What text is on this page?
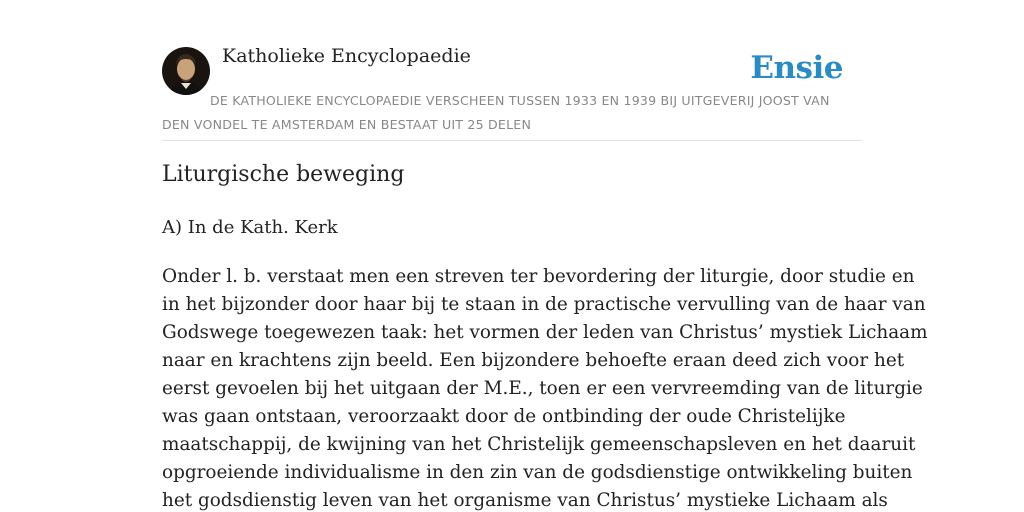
Katholieke Encyclopaedie	Ensie
DE KATHOLIEKE ENCYCLOPAEDIE VERSCHEEN TUSSEN 1933 EN 1939 BIJ UITGEVERIJ JOOST VAN DEN VONDEL TE AMSTERDAM EN BESTAAT UIT 25 DELEN
Liturgische beweging

A) In de Kath. Kerk

Onder l. b. verstaat men een streven ter bevordering der liturgie, door studie en
in het bijzonder door haar bij te staan in de practische vervulling van de haar van
Godswege toegewezen taak: het vormen der leden van Christus’ mystiek Lichaam
naar en krachtens zijn beeld. Een bijzondere behoefte eraan deed zich voor het
eerst gevoelen bij het uitgaan der M.E., toen er een vervreemding van de liturgie
was gaan ontstaan, veroorzaakt door de ontbinding der oude Christelijke
maatschappij, de kwijning van het Christelijk gemeenschapsleven en het daaruit
opgroeiende individualisme in den zin van de godsdienstige ontwikkeling buiten
het godsdienstig leven van het organisme van Christus’ mystieke Lichaam als
